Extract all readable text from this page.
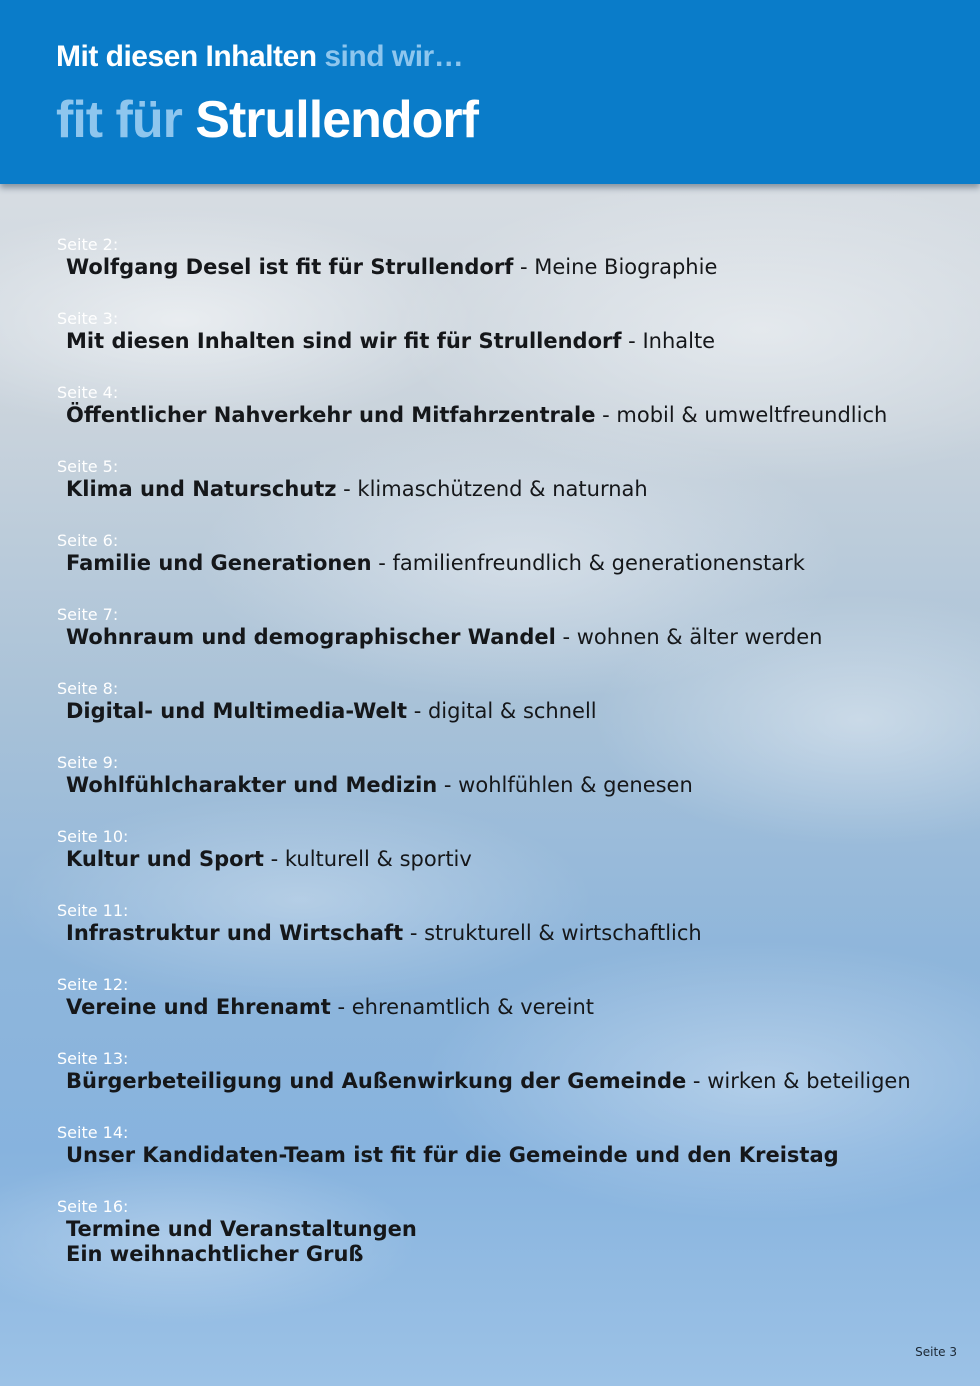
Mit diesen Inhalten sind wir…
fit für Strullendorf
Seite 2:
Wolfgang Desel ist fit für Strullendorf - Meine Biographie
Seite 3:
Mit diesen Inhalten sind wir fit für Strullendorf - Inhalte
Seite 4:
Öffentlicher Nahverkehr und Mitfahrzentrale - mobil & umweltfreundlich
Seite 5:
Klima und Naturschutz - klimaschützend & naturnah
Seite 6:
Familie und Generationen - familienfreundlich & generationenstark
Seite 7:
Wohnraum und demographischer Wandel - wohnen & älter werden
Seite 8:
Digital- und Multimedia-Welt - digital & schnell
Seite 9:
Wohlfühlcharakter und Medizin - wohlfühlen & genesen
Seite 10:
Kultur und Sport - kulturell & sportiv
Seite 11:
Infrastruktur und Wirtschaft - strukturell & wirtschaftlich
Seite 12:
Vereine und Ehrenamt - ehrenamtlich & vereint
Seite 13:
Bürgerbeteiligung und Außenwirkung der Gemeinde - wirken & beteiligen
Seite 14:
Unser Kandidaten-Team ist fit für die Gemeinde und den Kreistag
Seite 16:
Termine und Veranstaltungen
Ein weihnachtlicher Gruß
Seite 3
